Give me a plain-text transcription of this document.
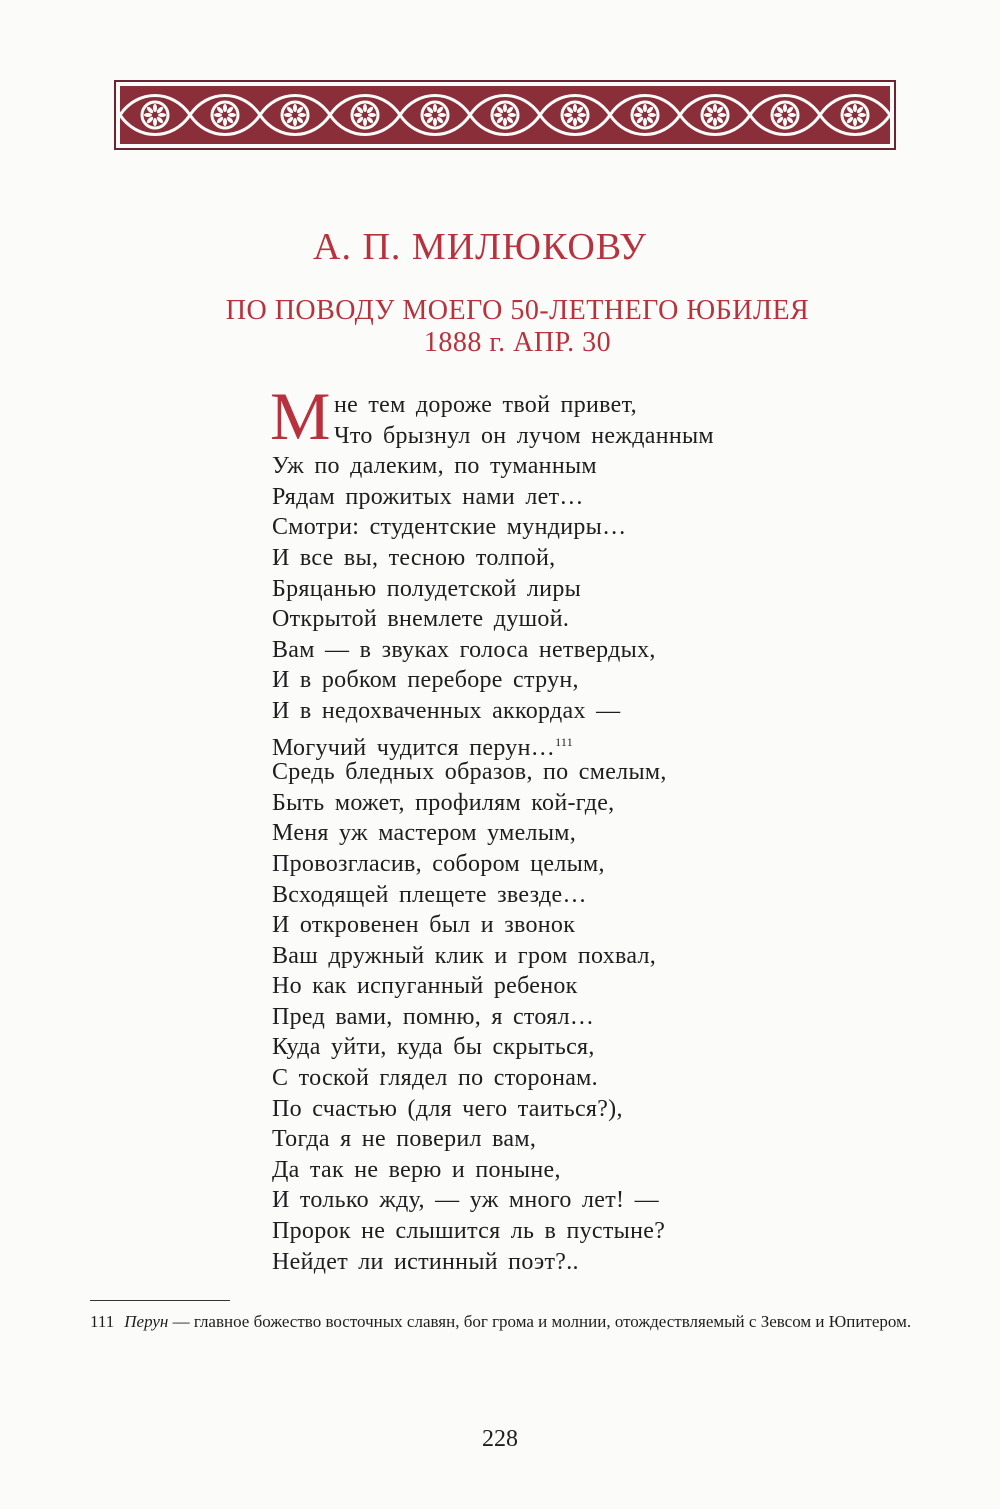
А. П. МИЛЮКОВУ
ПО ПОВОДУ МОЕГО 50-ЛЕТНЕГО ЮБИЛЕЯ
1888 г. АПР. 30
М не тем дороже твой привет,
Что брызнул он лучом нежданным
Уж по далеким, по туманным
Рядам прожитых нами лет…
Смотри: студентские мундиры…
И все вы, тесною толпой,
Бряцанью полудетской лиры
Открытой внемлете душой.
Вам — в звуках голоса нетвердых,
И в робком переборе струн,
И в недохваченных аккордах —
Могучий чудится перун…$^{111}$
Средь бледных образов, по смелым,
Быть может, профилям кой-где,
Меня уж мастером умелым,
Провозгласив, собором целым,
Всходящей плещете звезде…
И откровенен был и звонок
Ваш дружный клик и гром похвал,
Но как испуганный ребенок
Пред вами, помню, я стоял…
Куда уйти, куда бы скрыться,
С тоской глядел по сторонам.
По счастью (для чего таиться?),
Тогда я не поверил вам,
Да так не верю и поныне,
И только жду, — уж много лет! —
Пророк не слышится ль в пустыне?
Нейдет ли истинный поэт?..
111 Перун — главное божество восточных славян, бог грома и молнии, отождествляемый с Зевсом и Юпитером.
228
